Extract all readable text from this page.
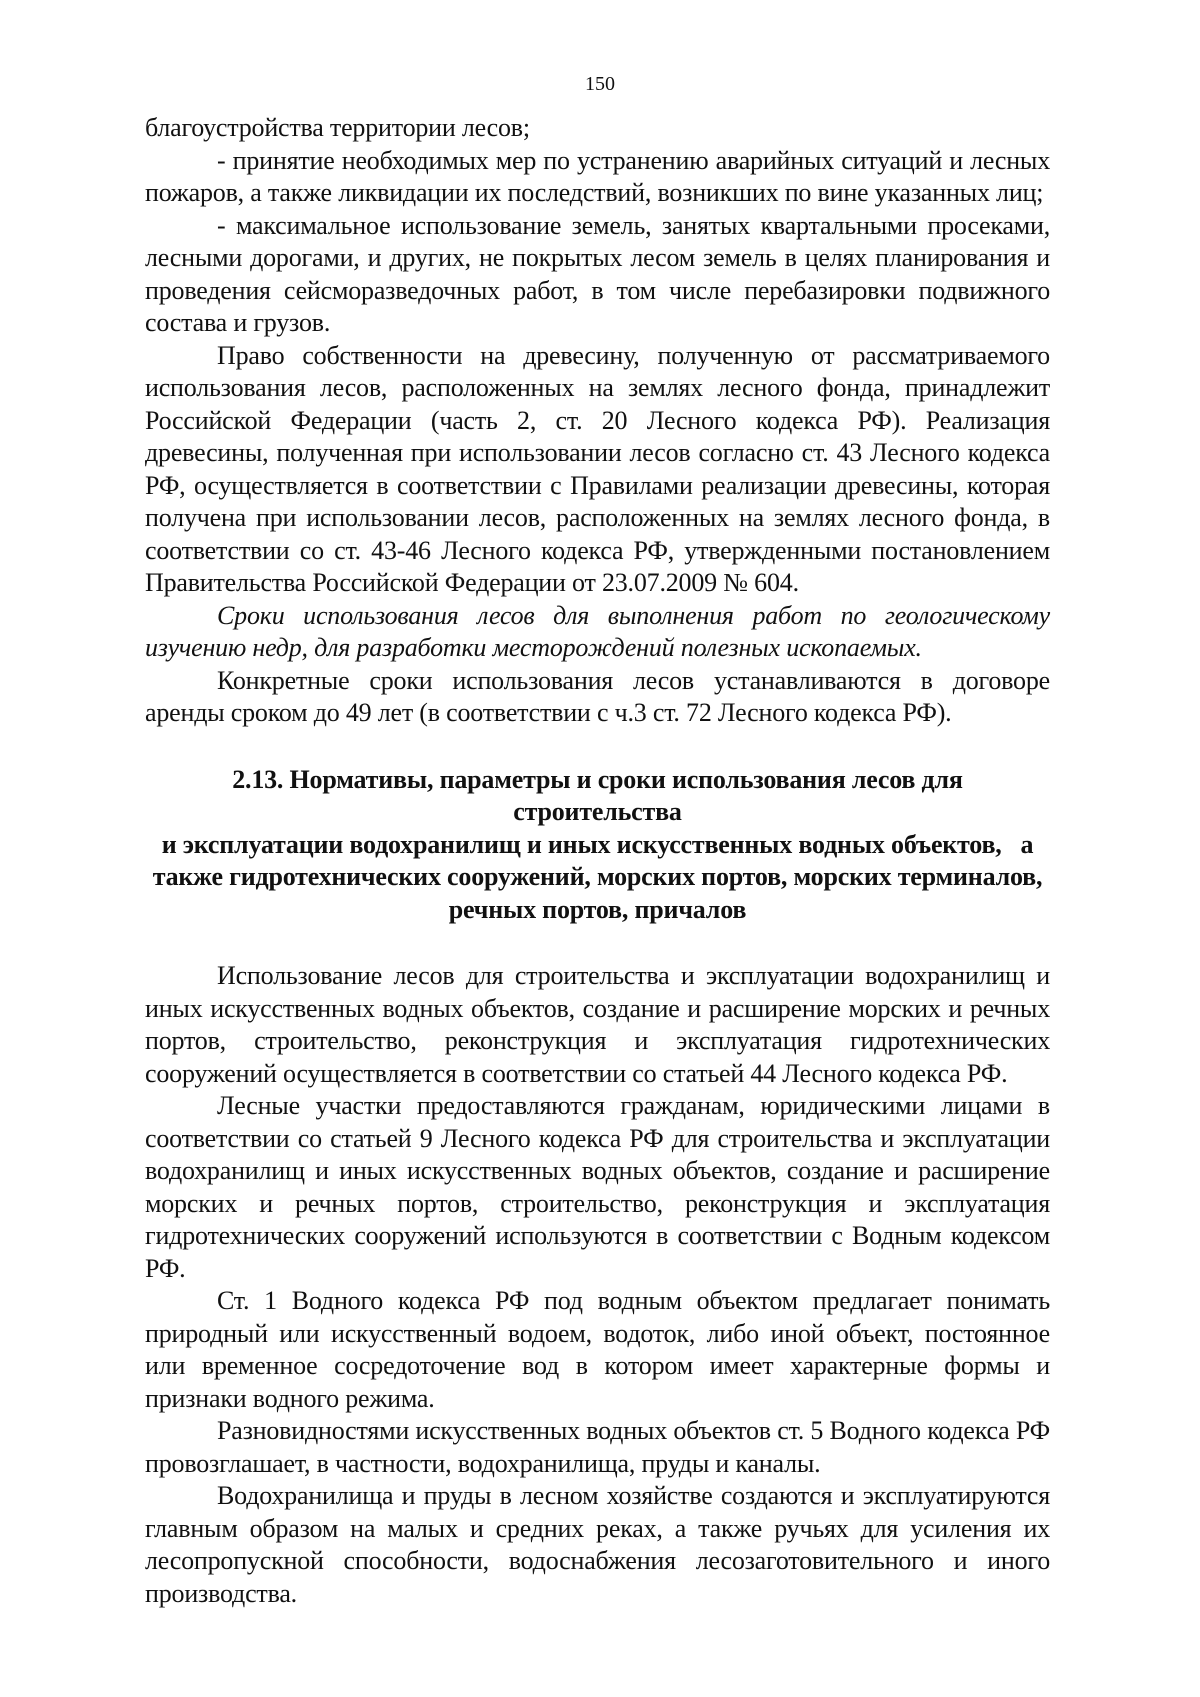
150

благоустройства территории лесов;

- принятие необходимых мер по устранению аварийных ситуаций и лесных пожаров, а также ликвидации их последствий, возникших по вине указанных лиц;

- максимальное использование земель, занятых квартальными просеками, лесными дорогами, и других, не покрытых лесом земель в целях планирования и проведения сейсморазведочных работ, в том числе перебазировки подвижного состава и грузов.

Право собственности на древесину, полученную от рассматриваемого использования лесов, расположенных на землях лесного фонда, принадлежит Российской Федерации (часть 2, ст. 20 Лесного кодекса РФ). Реализация древесины, полученная при использовании лесов согласно ст. 43 Лесного кодекса РФ, осуществляется в соответствии с Правилами реализации древесины, которая получена при использовании лесов, расположенных на землях лесного фонда, в соответствии со ст. 43-46 Лесного кодекса РФ, утвержденными постановлением Правительства Российской Федерации от 23.07.2009 № 604.

Сроки использования лесов для выполнения работ по геологическому изучению недр, для разработки месторождений полезных ископаемых.

Конкретные сроки использования лесов устанавливаются в договоре аренды сроком до 49 лет (в соответствии с ч.3 ст. 72 Лесного кодекса РФ).

2.13. Нормативы, параметры и сроки использования лесов для строительства
и эксплуатации водохранилищ и иных искусственных водных объектов,   а
также гидротехнических сооружений, морских портов, морских терминалов,
речных портов, причалов

Использование лесов для строительства и эксплуатации водохранилищ и иных искусственных водных объектов, создание и расширение морских и речных портов, строительство, реконструкция и эксплуатация гидротехнических сооружений осуществляется в соответствии со статьей 44 Лесного кодекса РФ.

Лесные участки предоставляются гражданам, юридическими лицами в соответствии со статьей 9 Лесного кодекса РФ для строительства и эксплуатации водохранилищ и иных искусственных водных объектов, создание и расширение морских и речных портов, строительство, реконструкция и эксплуатация гидротехнических сооружений используются в соответствии с Водным кодексом РФ.

Ст. 1 Водного кодекса РФ под водным объектом предлагает понимать природный или искусственный водоем, водоток, либо иной объект, постоянное или временное сосредоточение вод в котором имеет характерные формы и признаки водного режима.

Разновидностями искусственных водных объектов ст. 5 Водного кодекса РФ провозглашает, в частности, водохранилища, пруды и каналы.

Водохранилища и пруды в лесном хозяйстве создаются и эксплуатируются главным образом на малых и средних реках, а также ручьях для усиления их лесопропускной способности, водоснабжения лесозаготовительного и иного производства.
